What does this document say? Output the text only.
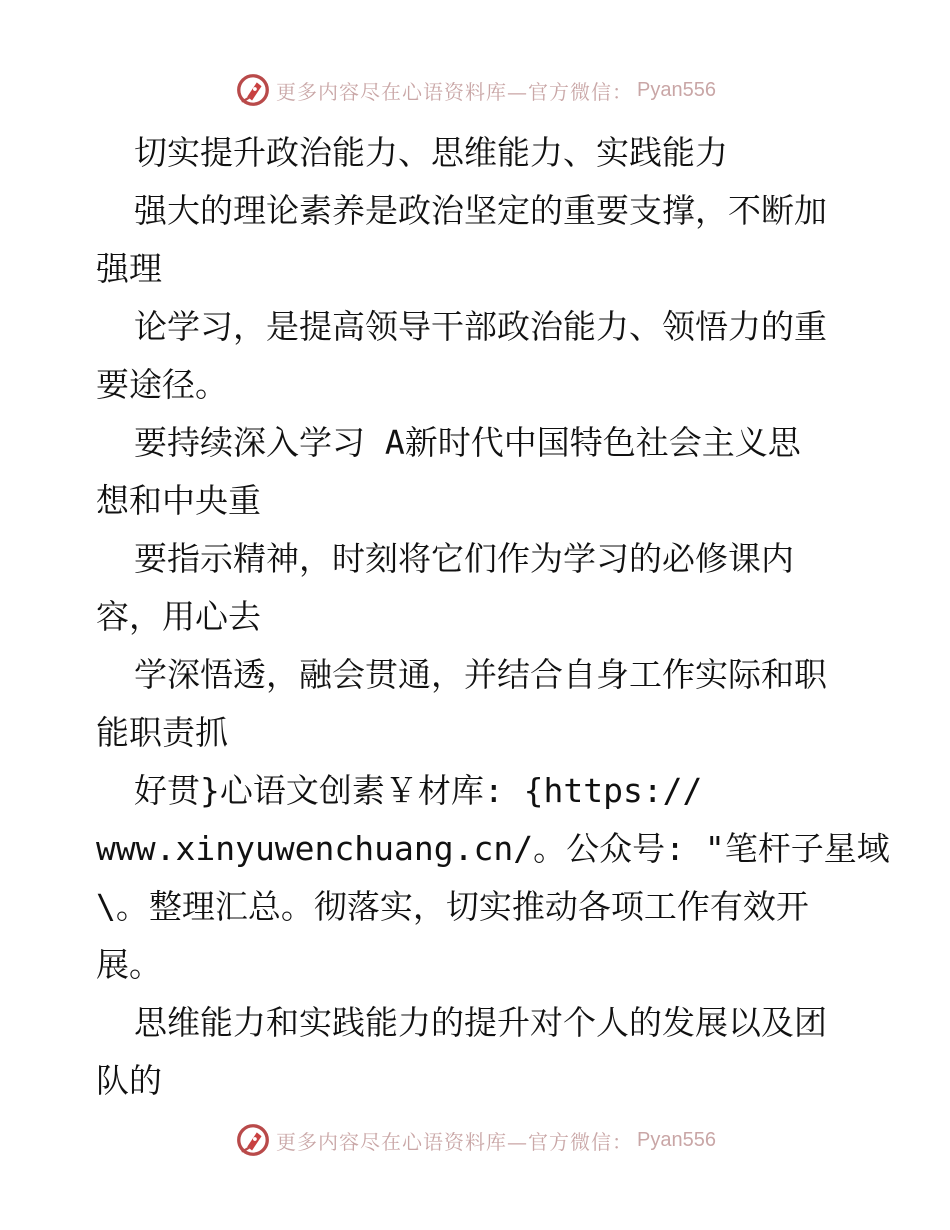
更多内容尽在心语资料库—官方微信： Pyan556
切实提升政治能力、思维能力、实践能力
强大的理论素养是政治坚定的重要支撑，不断加
强理
论学习，是提高领导干部政治能力、领悟力的重
要途径。
要持续深入学习 A新时代中国特色社会主义思
想和中央重
要指示精神，时刻将它们作为学习的必修课内
容，用心去
学深悟透，融会贯通，并结合自身工作实际和职
能职责抓
好贯}心语文创素￥材库: {https://
www.xinyuwenchuang.cn/。公众号: "笔杆子星域
\。整理汇总。彻落实，切实推动各项工作有效开
展。
思维能力和实践能力的提升对个人的发展以及团
队的
更多内容尽在心语资料库—官方微信： Pyan556
